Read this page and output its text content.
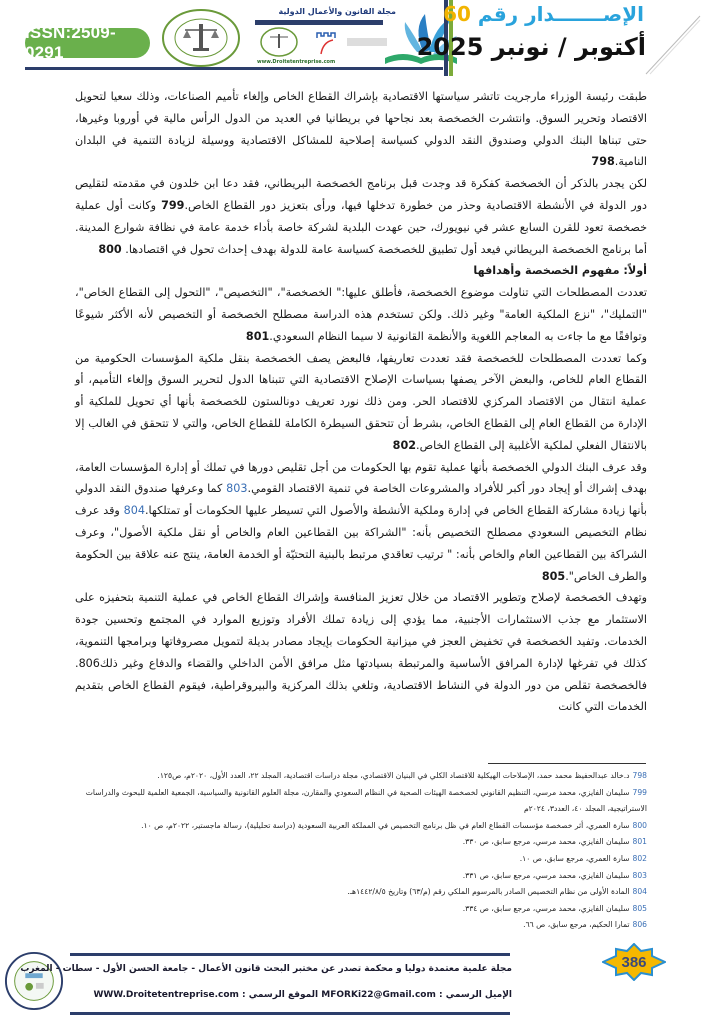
ISSN:2509-0291
مجلة القانون والأعمال الدولية
www.Droitetentreprise.com
الإصـــــــدار رقم 60
أكتوبر / نونبر 2025

طبقت رئيسة الوزراء مارجريت تاتشر سياستها الاقتصادية بإشراك القطاع الخاص وإلغاء تأميم الصناعات، وذلك سعيا لتحويل الاقتصاد وتحرير السوق. وانتشرت الخصخصة بعد نجاحها في بريطانيا في العديد من الدول الرأس مالية في أوروبا وغيرها، حتى تبناها البنك الدولي وصندوق النقد الدولي كسياسة إصلاحية للمشاكل الاقتصادية ووسيلة لزيادة التنمية في البلدان النامية.798

لكن يجدر بالذكر أن الخصخصة كفكرة قد وجدت قبل برنامج الخصخصة البريطاني، فقد دعا ابن خلدون في مقدمته لتقليص دور الدولة في الأنشطة الاقتصادية وحذر من خطورة تدخلها فيها، ورأى بتعزيز دور القطاع الخاص.799 وكانت أول عملية خصخصة تعود للقرن السابع عشر في نيويورك، حين عهدت البلدية لشركة خاصة بأداء خدمة عامة في نظافة شوارع المدينة. أما برنامج الخصخصة البريطاني فيعد أول تطبيق للخصخصة كسياسة عامة للدولة بهدف إحداث تحول في اقتصادها. 800

أولاً: مفهوم الخصخصة وأهدافها

تعددت المصطلحات التي تناولت موضوع الخصخصة، فأطلق عليها:" الخصخصة"، "التخصيص"، "التحول إلى القطاع الخاص"، "التمليك"، "نزع الملكية العامة" وغير ذلك. ولكن تستخدم هذه الدراسة مصطلح الخصخصة أو التخصيص لأنه الأكثر شيوعًا وتوافقًا مع ما جاءت به المعاجم اللغوية والأنظمة القانونية لا سيما النظام السعودي.801

وكما تعددت المصطلحات للخصخصة فقد تعددت تعاريفها، فالبعض يصف الخصخصة بنقل ملكية المؤسسات الحكومية من القطاع العام للخاص، والبعض الآخر يصفها بسياسات الإصلاح الاقتصادية التي تتبناها الدول لتحرير السوق وإلغاء التأميم، أو عملية انتقال من الاقتصاد المركزي للاقتصاد الحر. ومن ذلك نورد تعريف دونالستون للخصخصة بأنها أي تحويل للملكية أو الإدارة من القطاع العام إلى القطاع الخاص، بشرط أن تتحقق السيطرة الكاملة للقطاع الخاص، والتي لا تتحقق في الغالب إلا بالانتقال الفعلي لملكية الأغلبية إلى القطاع الخاص.802

وقد عرف البنك الدولي الخصخصة بأنها عملية تقوم بها الحكومات من أجل تقليص دورها في تملك أو إدارة المؤسسات العامة، بهدف إشراك أو إيجاد دور أكبر للأفراد والمشروعات الخاصة في تنمية الاقتصاد القومي.803 كما وعرفها صندوق النقد الدولي بأنها زيادة مشاركة القطاع الخاص في إدارة وملكية الأنشطة والأصول التي تسيطر عليها الحكومات أو تمتلكها.804 وقد عرف نظام التخصيص السعودي مصطلح التخصيص بأنه: "الشراكة بين القطاعين العام والخاص أو نقل ملكية الأصول"، وعرف الشراكة بين القطاعين العام والخاص بأنه: " ترتيب تعاقدي مرتبط بالبنية التحتيّة أو الخدمة العامة، ينتج عنه علاقة بين الحكومة والطرف الخاص".805

وتهدف الخصخصة لإصلاح وتطوير الاقتصاد من خلال تعزيز المنافسة وإشراك القطاع الخاص في عملية التنمية بتحفيزه على الاستثمار مع جذب الاستثمارات الأجنبية، مما يؤدي إلى زيادة تملك الأفراد وتوزيع الموارد في المجتمع وتحسين جودة الخدمات. وتفيد الخصخصة في تخفيض العجز في ميزانية الحكومات بإيجاد مصادر بديلة لتمويل مصروفاتها وبرامجها التنموية، كذلك في تفرغها لإدارة المرافق الأساسية والمرتبطة بسيادتها مثل مرافق الأمن الداخلي والقضاء والدفاع وغير ذلك806. فالخصخصة تقلص من دور الدولة في النشاط الاقتصادية، وتلغي بذلك المركزية والبيروقراطية، فيقوم القطاع الخاص بتقديم الخدمات التي كانت

798د.خالد عبدالحفيظ محمد حمد، الإصلاحات الهيكلية للاقتصاد الكلي في البنيان الاقتصادي، مجلة دراسات اقتصادية، المجلد ٢٢، العدد الأول، ٢٠٢٠م، ص١٢٥.

799سليمان الفايزي، محمد مرسي، التنظيم القانوني لخصخصة الهيئات الصحية في النظام السعودي والمقارن، مجلة العلوم القانونية والسياسية، الجمعية العلمية للبحوث والدراسات الاستراتيجية، المجلد ٤٠، العدد٣، ٢٠٢٤م

800سارة العمري، أثر خصخصة مؤسسات القطاع العام في ظل برنامج التخصيص في المملكة العربية السعودية (دراسة تحليلية)، رسالة ماجستير، ٢٠٢٢م، ص ١٠.

801سليمان الفايزي، محمد مرسي، مرجع سابق، ص ٣٣٠.

802سارة العمري، مرجع سابق، ص ١٠.

803سليمان الفايزي، محمد مرسي، مرجع سابق، ص ٣٣١.

804المادة الأولى من نظام التخصيص الصادر بالمرسوم الملكي رقم (م/٦٣) وتاريخ ١٤٤٢/٨/٥هـ.

805سليمان الفايزي، محمد مرسي، مرجع سابق، ص ٣٣٤.

806تمارا الحكيم، مرجع سابق، ص ٦٦.

مجلة علمية معتمدة دوليا و محكمة تصدر عن مختبر البحث قانون الأعمال - جامعة الحسن الأول - سطات - المغرب
الإميل الرسمي : MFORKi22@Gmail.com الموقع الرسمي : WWW.Droitetentreprise.com
386
